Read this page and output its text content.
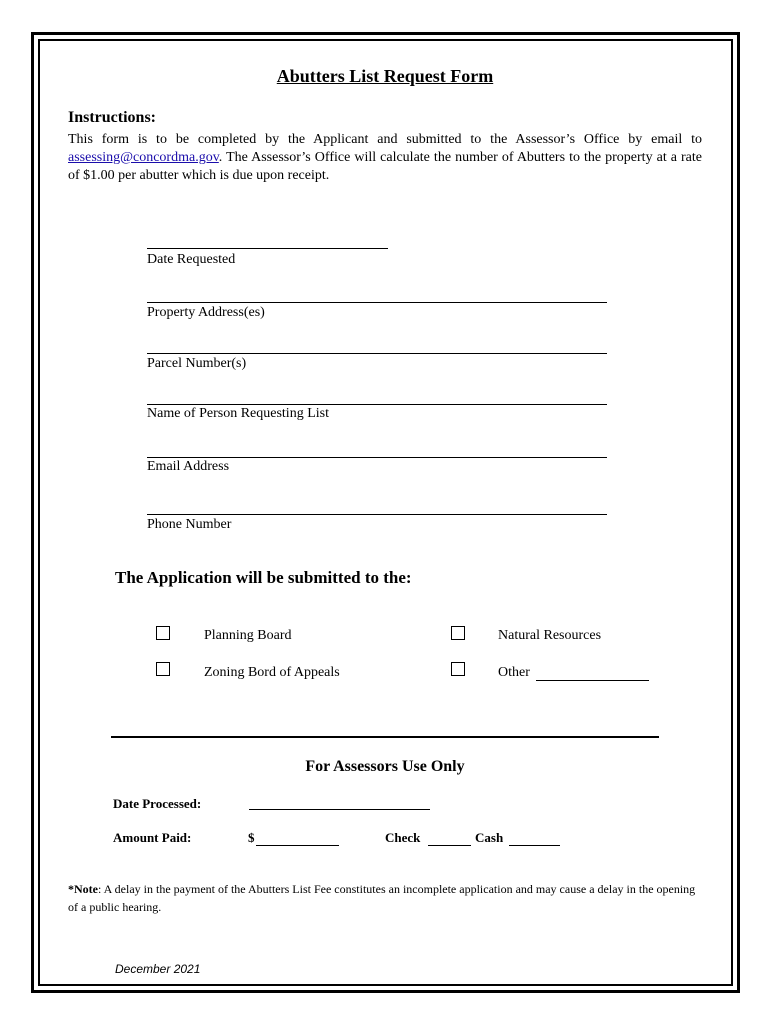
Abutters List Request Form
Instructions:
This form is to be completed by the Applicant and submitted to the Assessor’s Office by email to assessing@concordma.gov. The Assessor’s Office will calculate the number of Abutters to the property at a rate of $1.00 per abutter which is due upon receipt.
Date Requested
Property Address(es)
Parcel Number(s)
Name of Person Requesting List
Email Address
Phone Number
The Application will be submitted to the:
Planning Board	Natural Resources
Zoning Bord of Appeals	Other
For Assessors Use Only
Date Processed:
Amount Paid:	$	Check	Cash
*Note: A delay in the payment of the Abutters List Fee constitutes an incomplete application and may cause a delay in the opening of a public hearing.
December 2021
